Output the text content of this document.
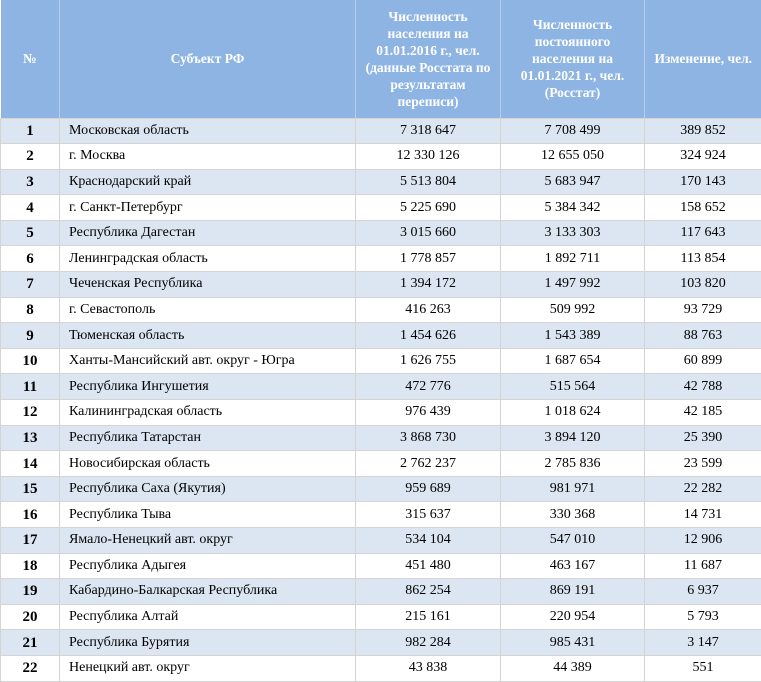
№	Субъект РФ	Численность населения на 01.01.2016 г., чел. (данные Росстата по результатам переписи)	Численность постоянного населения на 01.01.2021 г., чел. (Росстат)	Изменение, чел.
1	Московская область	7 318 647	7 708 499	389 852
2	г. Москва	12 330 126	12 655 050	324 924
3	Краснодарский край	5 513 804	5 683 947	170 143
4	г. Санкт-Петербург	5 225 690	5 384 342	158 652
5	Республика Дагестан	3 015 660	3 133 303	117 643
6	Ленинградская область	1 778 857	1 892 711	113 854
7	Чеченская Республика	1 394 172	1 497 992	103 820
8	г. Севастополь	416 263	509 992	93 729
9	Тюменская область	1 454 626	1 543 389	88 763
10	Ханты-Мансийский авт. округ - Югра	1 626 755	1 687 654	60 899
11	Республика Ингушетия	472 776	515 564	42 788
12	Калининградская область	976 439	1 018 624	42 185
13	Республика Татарстан	3 868 730	3 894 120	25 390
14	Новосибирская область	2 762 237	2 785 836	23 599
15	Республика Саха (Якутия)	959 689	981 971	22 282
16	Республика Тыва	315 637	330 368	14 731
17	Ямало-Ненецкий авт. округ	534 104	547 010	12 906
18	Республика Адыгея	451 480	463 167	11 687
19	Кабардино-Балкарская Республика	862 254	869 191	6 937
20	Республика Алтай	215 161	220 954	5 793
21	Республика Бурятия	982 284	985 431	3 147
22	Ненецкий авт. округ	43 838	44 389	551
